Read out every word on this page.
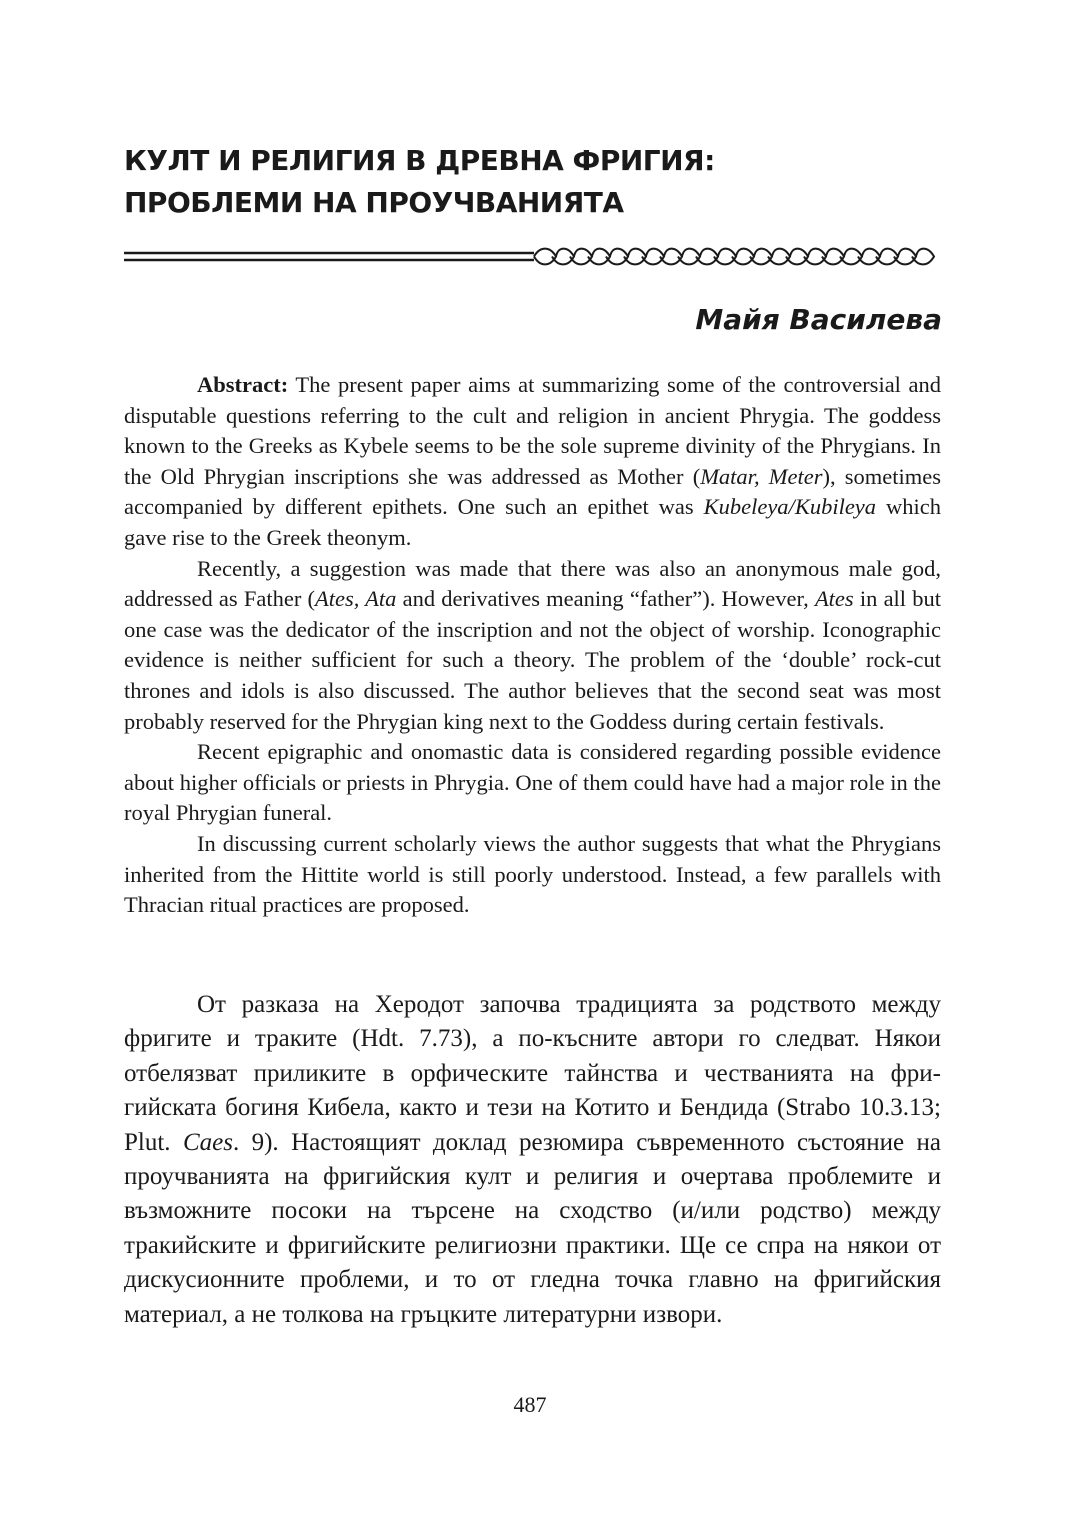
КУЛТ И РЕЛИГИЯ В ДРЕВНА ФРИГИЯ:
ПРОБЛЕМИ НА ПРОУЧВАНИЯТА
Майя Василева

Abstract: The present paper aims at summarizing some of the controversial and disputable questions referring to the cult and religion in ancient Phrygia. The goddess known to the Greeks as Kybele seems to be the sole supreme divinity of the Phrygians. In the Old Phrygian inscriptions she was addressed as Mother (Matar, Meter), sometimes accompanied by different epithets. One such an epithet was Kubeleya/Kubileya which gave rise to the Greek theonym.

Recently, a suggestion was made that there was also an anonymous male god, addressed as Father (Ates, Ata and derivatives meaning “father”). However, Ates in all but one case was the dedicator of the inscription and not the object of worship. Iconographic evidence is neither sufficient for such a theory. The problem of the ‘double’ rock-cut thrones and idols is also discussed. The author believes that the second seat was most probably reserved for the Phrygian king next to the Goddess during certain festivals.

Recent epigraphic and onomastic data is considered regarding possible evidence about higher officials or priests in Phrygia. One of them could have had a major role in the royal Phrygian funeral.

In discussing current scholarly views the author suggests that what the Phrygians inherited from the Hittite world is still poorly understood. Instead, a few parallels with Thracian ritual practices are proposed.

От разказа на Херодот започва традицията за родството между фригите и траките (Hdt. 7.73), а по-късните автори го следват. Някои отбелязват приликите в орфическите тайнства и честванията на фригийската богиня Кибела, както и тези на Котито и Бендида (Strabo 10.3.13; Plut. Caes. 9). Настоящият доклад резюмира съвременното състояние на проучванията на фригийския култ и религия и очертава проблемите и възможните посоки на търсене на сходство (и/или родство) между тракийските и фригийските религиозни практики. Ще се спра на някои от дискусионните проблеми, и то от гледна точка главно на фригийския материал, а не толкова на гръцките литературни извори.

487
